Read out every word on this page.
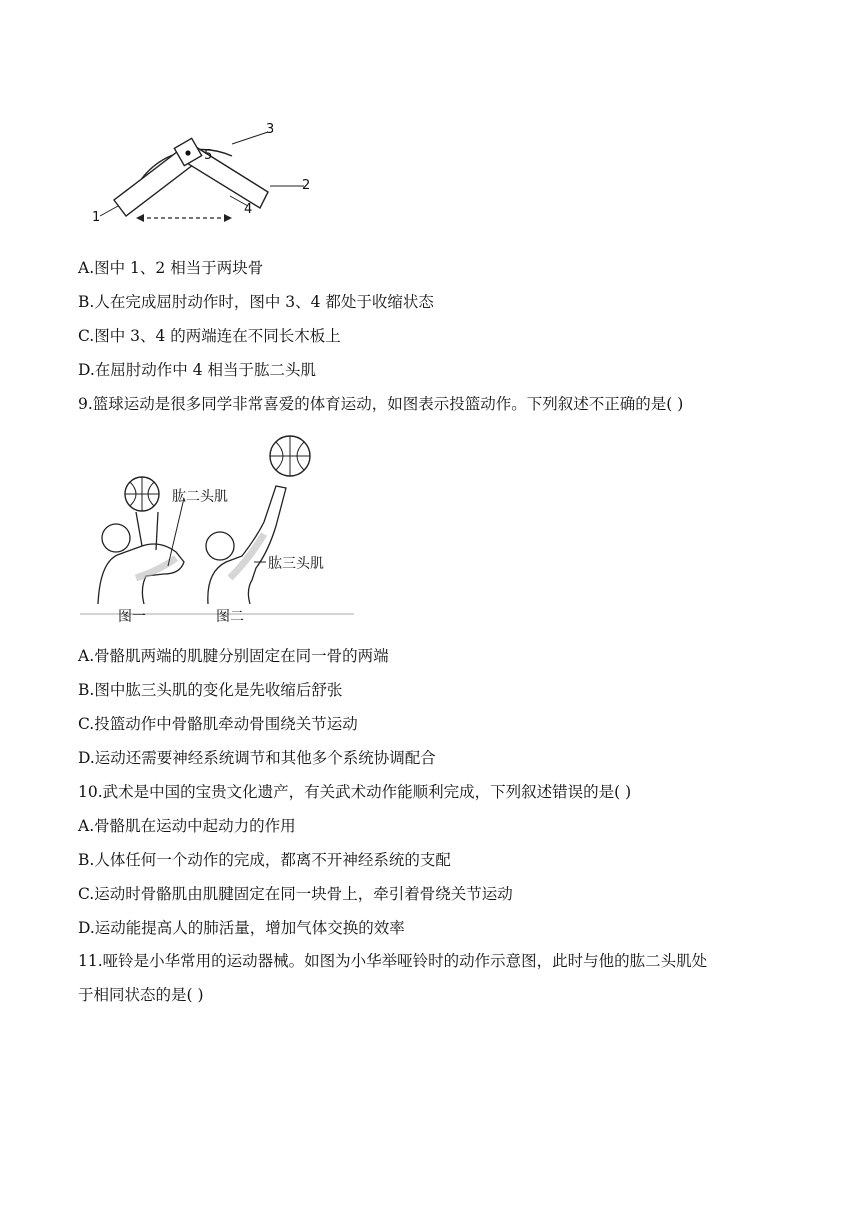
3
2
5
1
4
A.图中 1、2 相当于两块骨
B.人在完成屈肘动作时，图中 3、4 都处于收缩状态
C.图中 3、4 的两端连在不同长木板上
D.在屈肘动作中 4 相当于肱二头肌
9.篮球运动是很多同学非常喜爱的体育运动，如图表示投篮动作。下列叙述不正确的是( )
肱二头肌
肱三头肌
图一	图二
A.骨骼肌两端的肌腱分别固定在同一骨的两端
B.图中肱三头肌的变化是先收缩后舒张
C.投篮动作中骨骼肌牵动骨围绕关节运动
D.运动还需要神经系统调节和其他多个系统协调配合
10.武术是中国的宝贵文化遗产，有关武术动作能顺利完成，下列叙述错误的是( )
A.骨骼肌在运动中起动力的作用
B.人体任何一个动作的完成，都离不开神经系统的支配
C.运动时骨骼肌由肌腱固定在同一块骨上，牵引着骨绕关节运动
D.运动能提高人的肺活量，增加气体交换的效率
11.哑铃是小华常用的运动器械。如图为小华举哑铃时的动作示意图，此时与他的肱二头肌处
于相同状态的是( )
